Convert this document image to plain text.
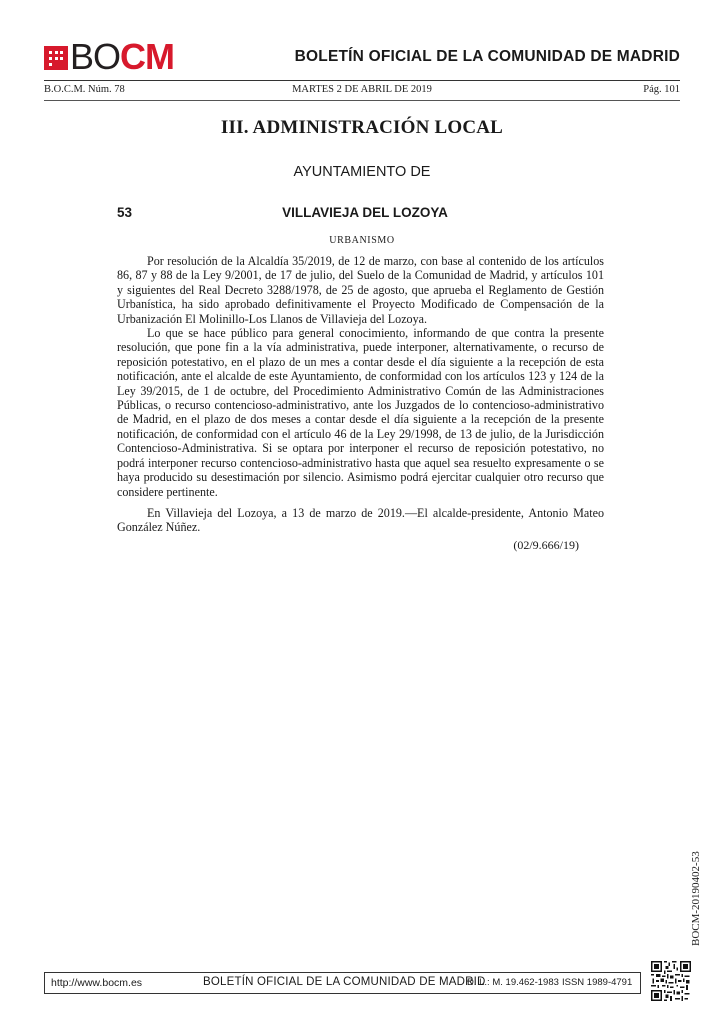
BOCM	BOLETÍN OFICIAL DE LA COMUNIDAD DE MADRID
B.O.C.M. Núm. 78	MARTES 2 DE ABRIL DE 2019	Pág. 101
III. ADMINISTRACIÓN LOCAL
AYUNTAMIENTO DE
53	VILLAVIEJA DEL LOZOYA
URBANISMO

Por resolución de la Alcaldía 35/2019, de 12 de marzo, con base al contenido de los artículos 86, 87 y 88 de la Ley 9/2001, de 17 de julio, del Suelo de la Comunidad de Madrid, y artículos 101 y siguientes del Real Decreto 3288/1978, de 25 de agosto, que aprueba el Reglamento de Gestión Urbanística, ha sido aprobado definitivamente el Proyecto Modificado de Compensación de la Urbanización El Molinillo-Los Llanos de Villavieja del Lozoya.

Lo que se hace público para general conocimiento, informando de que contra la presente resolución, que pone fin a la vía administrativa, puede interponer, alternativamente, o recurso de reposición potestativo, en el plazo de un mes a contar desde el día siguiente a la recepción de esta notificación, ante el alcalde de este Ayuntamiento, de conformidad con los artículos 123 y 124 de la Ley 39/2015, de 1 de octubre, del Procedimiento Administrativo Común de las Administraciones Públicas, o recurso contencioso-administrativo, ante los Juzgados de lo contencioso-administrativo de Madrid, en el plazo de dos meses a contar desde el día siguiente a la recepción de la presente notificación, de conformidad con el artículo 46 de la Ley 29/1998, de 13 de julio, de la Jurisdicción Contencioso-Administrativa. Si se optara por interponer el recurso de reposición potestativo, no podrá interponer recurso contencioso-administrativo hasta que aquel sea resuelto expresamente o se haya producido su desestimación por silencio. Asimismo podrá ejercitar cualquier otro recurso que considere pertinente.

En Villavieja del Lozoya, a 13 de marzo de 2019.—El alcalde-presidente, Antonio Mateo González Núñez.

(02/9.666/19)
BOCM-20190402-53
http://www.bocm.es	BOLETÍN OFICIAL DE LA COMUNIDAD DE MADRID
D. L.: M. 19.462-1983 ISSN 1989-4791
